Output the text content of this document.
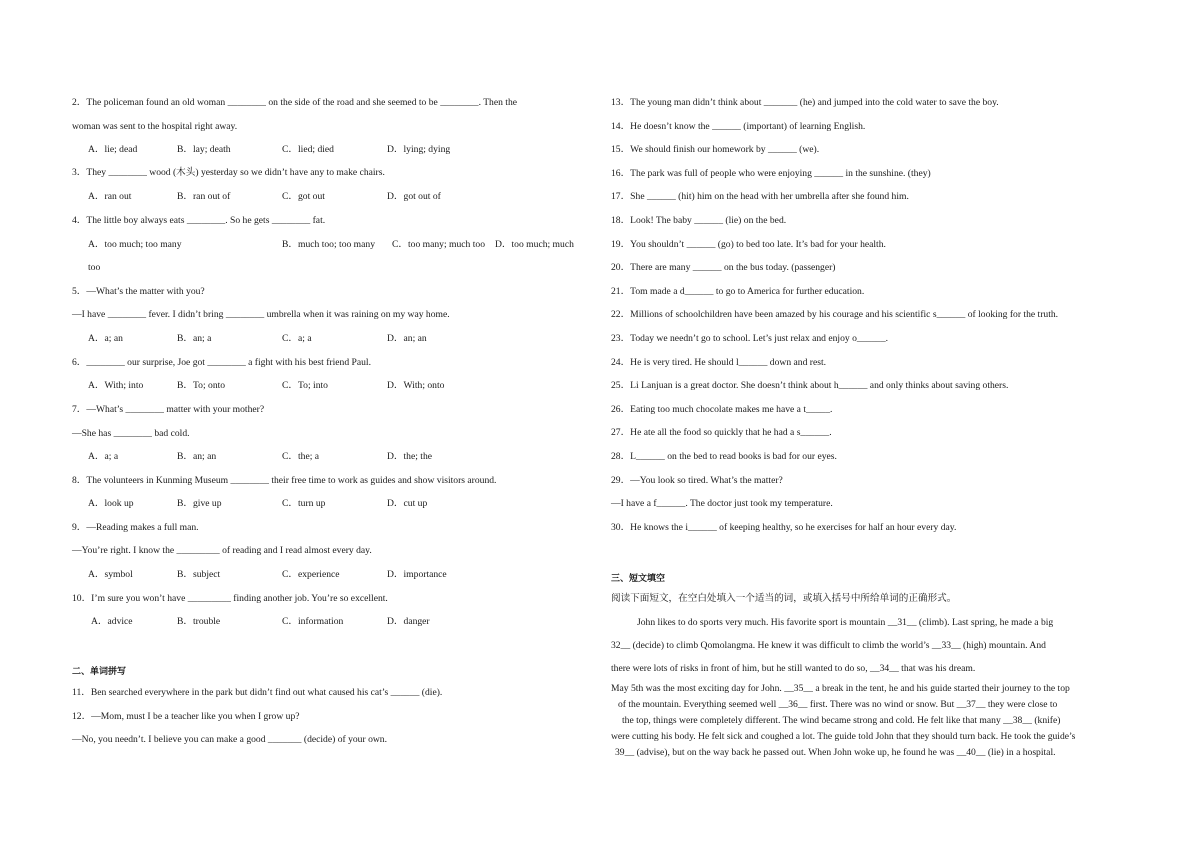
2．The policeman found an old woman ________ on the side of the road and she seemed to be ________. Then the
woman was sent to the hospital right away.
A．lie; dead	B．lay; death	C．lied; died	D．lying; dying
3．They ________ wood (木头) yesterday so we didn’t have any to make chairs.
A．ran out	B．ran out of	C．got out	D．got out of
4．The little boy always eats ________. So he gets ________ fat.
A．too much; too many	B．much too; too many C．too many; much too D．too much; much
too
5．—What’s the matter with you?
—I have ________ fever. I didn’t bring ________ umbrella when it was raining on my way home.
A．a; an	B．an; a	C．a; a	D．an; an
6．________ our surprise, Joe got ________ a fight with his best friend Paul.
A．With; into	B．To; onto	C．To; into	D．With; onto
7．—What’s ________ matter with your mother?
—She has ________ bad cold.
A．a; a	B．an; an	C．the; a	D．the; the
8．The volunteers in Kunming Museum ________ their free time to work as guides and show visitors around.
A．look up	B．give up	C．turn up	D．cut up
9．—Reading makes a full man.
—You’re right. I know the _________ of reading and I read almost every day.
A．symbol	B．subject	C．experience	D．importance
10．I’m sure you won’t have _________ finding another job. You’re so excellent.
A．advice	B．trouble	C．information	D．danger
二、单词拼写
11．Ben searched everywhere in the park but didn’t find out what caused his cat’s ______ (die).
12．—Mom, must I be a teacher like you when I grow up?
—No, you needn’t. I believe you can make a good _______ (decide) of your own.
13．The young man didn’t think about _______ (he) and jumped into the cold water to save the boy.
14．He doesn’t know the ______ (important) of learning English.
15．We should finish our homework by ______ (we).
16．The park was full of people who were enjoying ______ in the sunshine. (they)
17．She ______ (hit) him on the head with her umbrella after she found him.
18．Look! The baby ______ (lie) on the bed.
19．You shouldn’t ______ (go) to bed too late. It’s bad for your health.
20．There are many ______ on the bus today. (passenger)
21．Tom made a d______ to go to America for further education.
22．Millions of schoolchildren have been amazed by his courage and his scientific s______ of looking for the truth.
23．Today we needn’t go to school. Let’s just relax and enjoy o______.
24．He is very tired. He should l______ down and rest.
25．Li Lanjuan is a great doctor. She doesn’t think about h______ and only thinks about saving others.
26．Eating too much chocolate makes me have a t_____.
27．He ate all the food so quickly that he had a s______.
28．L______ on the bed to read books is bad for our eyes.
29．—You look so tired. What’s the matter?
—I have a f______. The doctor just took my temperature.
30．He knows the i______ of keeping healthy, so he exercises for half an hour every day.
三、短文填空
阅读下面短文，在空白处填入一个适当的词，或填入括号中所给单词的正确形式。
John likes to do sports very much. His favorite sport is mountain __31__ (climb). Last spring, he made a big
32__ (decide) to climb Qomolangma. He knew it was difficult to climb the world’s __33__ (high) mountain. And
there were lots of risks in front of him, but he still wanted to do so, __34__ that was his dream.
May 5th was the most exciting day for John. __35__ a break in the tent, he and his guide started their journey to the top
of the mountain. Everything seemed well __36__ first. There was no wind or snow. But __37__ they were close to
the top, things were completely different. The wind became strong and cold. He felt like that many __38__ (knife)
were cutting his body. He felt sick and coughed a lot. The guide told John that they should turn back. He took the guide’s
39__ (advise), but on the way back he passed out. When John woke up, he found he was __40__ (lie) in a hospital.
